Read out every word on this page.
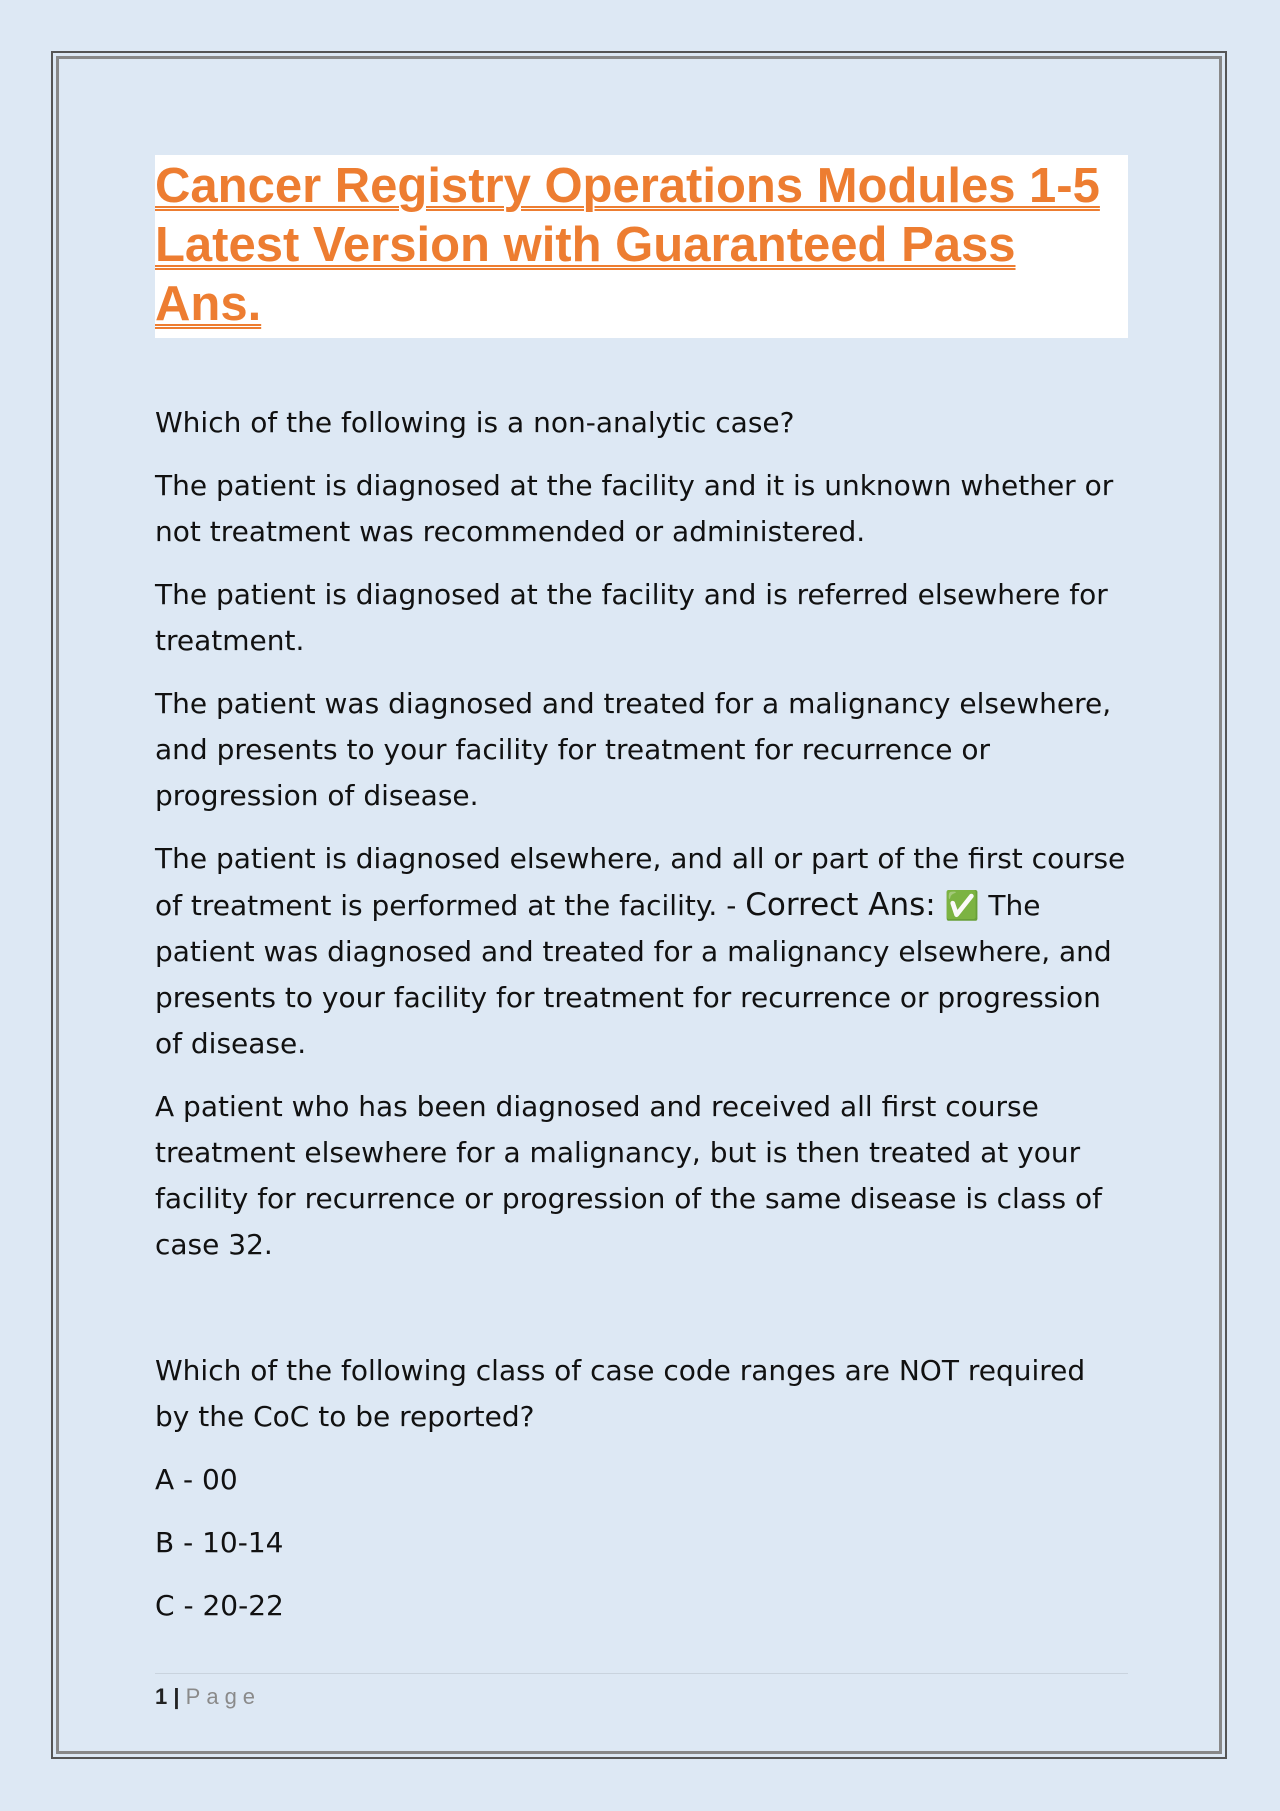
Cancer Registry Operations Modules 1-5 Latest Version with Guaranteed Pass Ans.

Which of the following is a non-analytic case?

The patient is diagnosed at the facility and it is unknown whether or not treatment was recommended or administered.

The patient is diagnosed at the facility and is referred elsewhere for treatment.

The patient was diagnosed and treated for a malignancy elsewhere, and presents to your facility for treatment for recurrence or progression of disease.

The patient is diagnosed elsewhere, and all or part of the first course of treatment is performed at the facility. - Correct Ans: ✅ The patient was diagnosed and treated for a malignancy elsewhere, and presents to your facility for treatment for recurrence or progression of disease.

A patient who has been diagnosed and received all first course treatment elsewhere for a malignancy, but is then treated at your facility for recurrence or progression of the same disease is class of case 32.

Which of the following class of case code ranges are NOT required by the CoC to be reported?

A - 00

B - 10-14

C - 20-22

1 | Page
